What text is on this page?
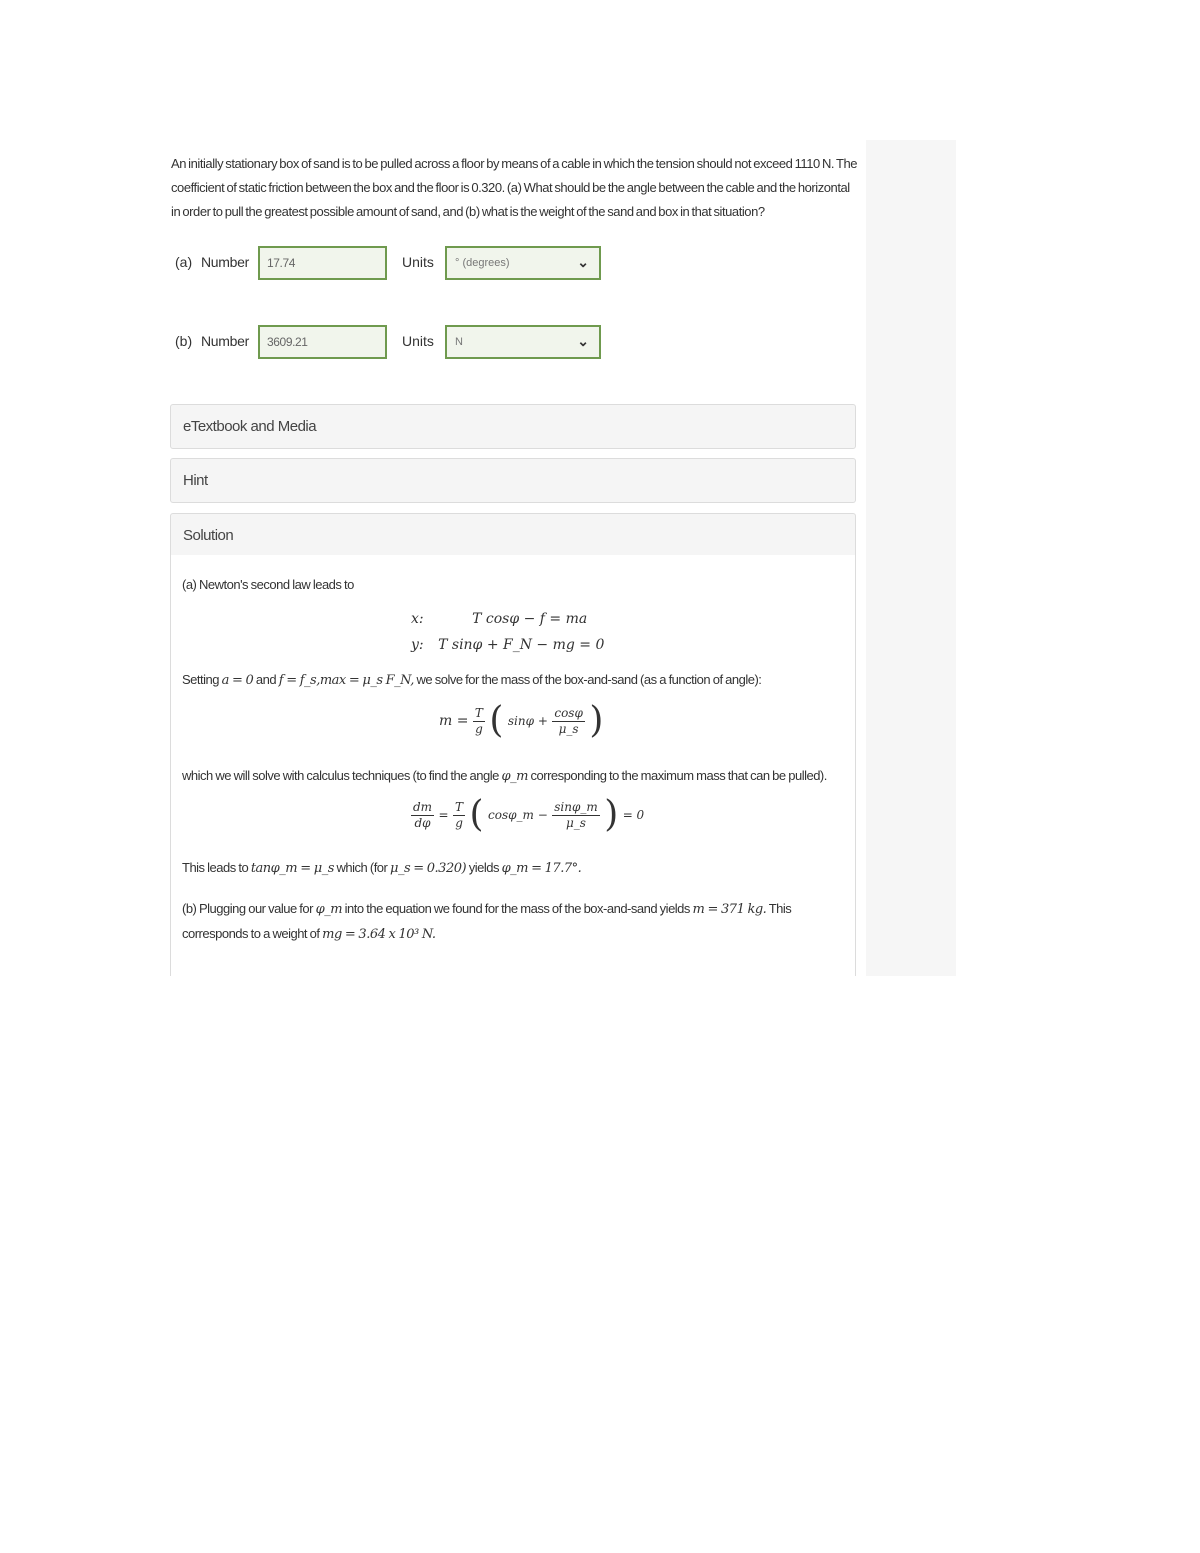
An initially stationary box of sand is to be pulled across a floor by means of a cable in which the tension should not exceed 1110 N. The coefficient of static friction between the box and the floor is 0.320. (a) What should be the angle between the cable and the horizontal in order to pull the greatest possible amount of sand, and (b) what is the weight of the sand and box in that situation?

(a) Number
17.74	Units	° (degrees)	⌄
(b) Number
3609.21	Units	N	⌄
eTextbook and Media
Hint
Solution

(a) Newton's second law leads to

x:	T cosφ − f = ma
y: T sinφ + F_N − mg = 0

Setting a = 0 and f = f_s,max = μ_s F_N, we solve for the mass of the box-and-sand (as a function of angle):

$m = \frac{T}{g}$ ( $\sin\varphi + \frac{\cos\varphi}{\mu\_s}$ )

which we will solve with calculus techniques (to find the angle φ_m corresponding to the maximum mass that can be pulled).

$\frac{dm}{d\varphi} = \frac{T}{g}$ ( cosφ_m − $\frac{\sin\varphi\_m}{\mu\_s}$ ) = 0

This leads to tanφ_m = μ_s which (for μ_s = 0.320) yields φ_m = 17.7°.

(b) Plugging our value for φ_m into the equation we found for the mass of the box-and-sand yields m = 371 kg. This corresponds to a weight of mg = 3.64 x 10³ N.
